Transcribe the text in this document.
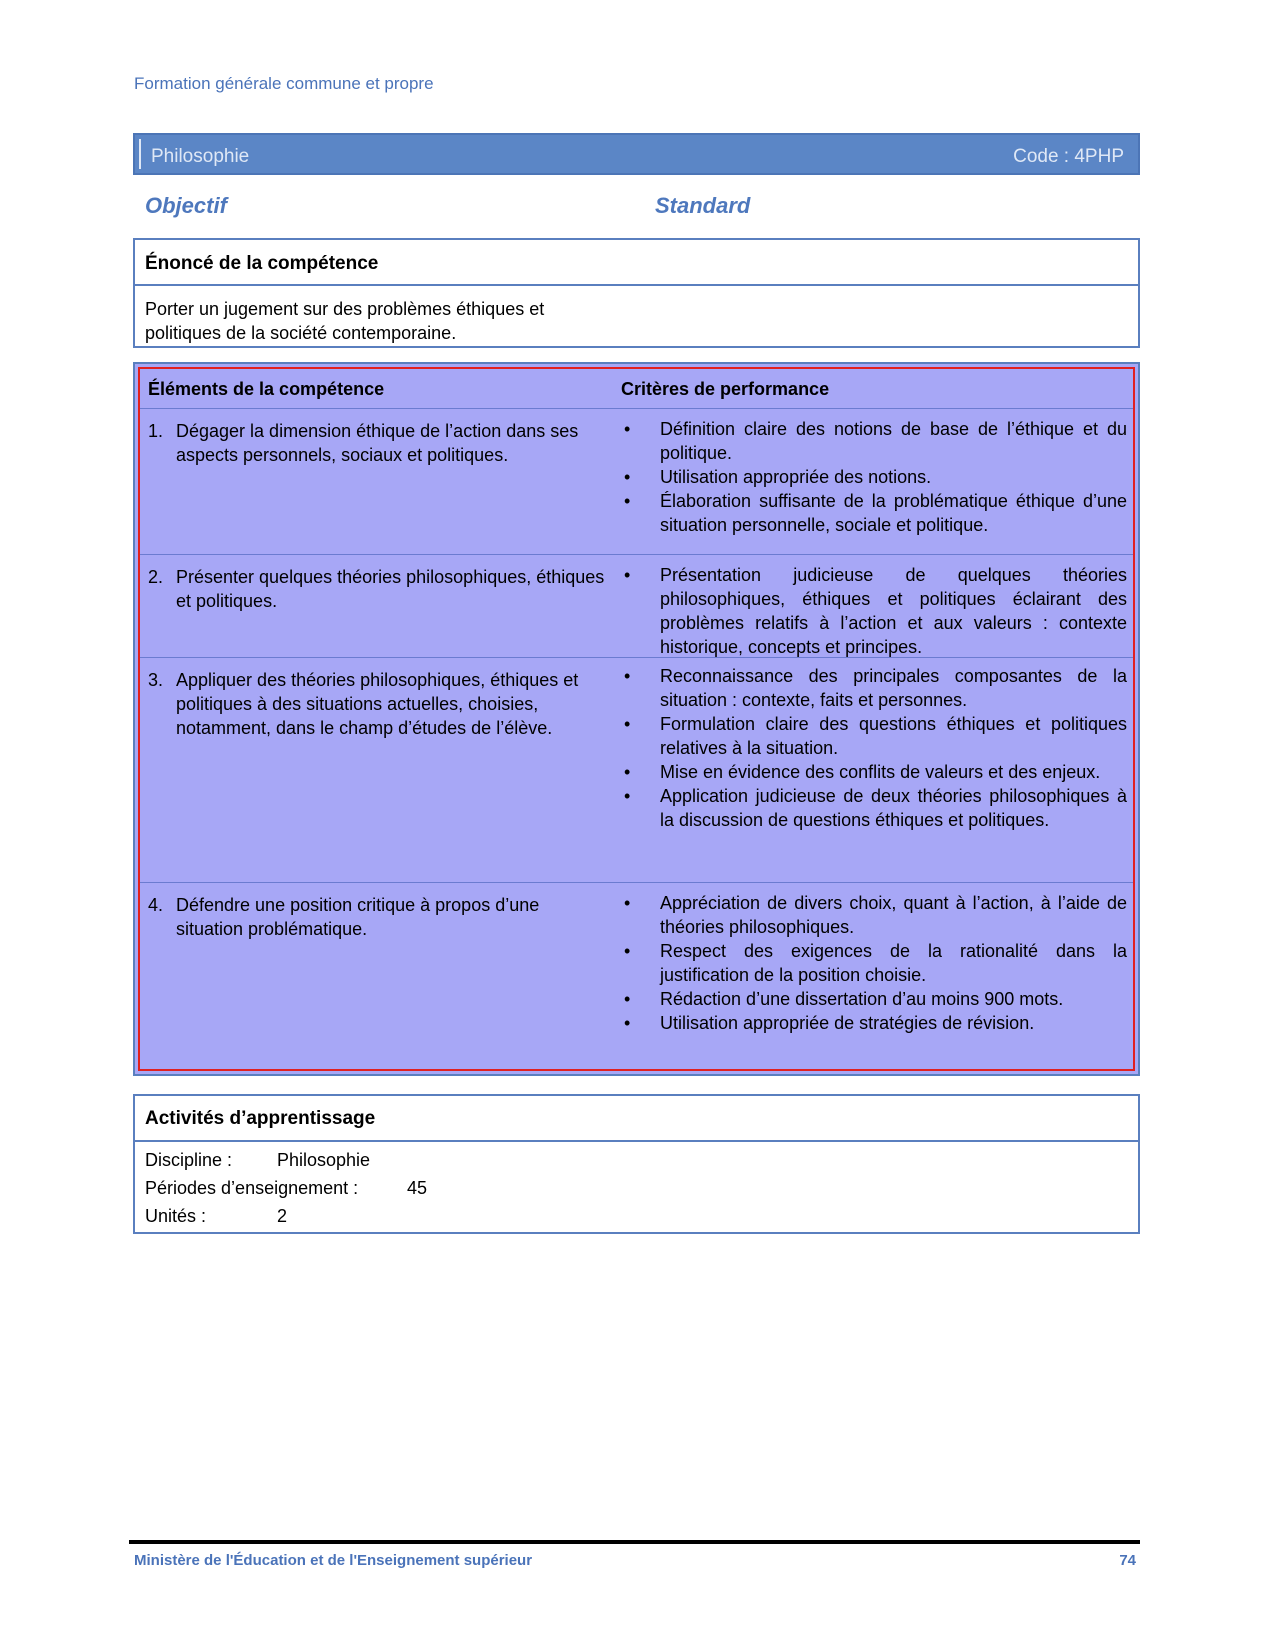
Formation générale commune et propre
Philosophie	Code : 4PHP
Objectif	Standard
Énoncé de la compétence
Porter un jugement sur des problèmes éthiques et politiques de la société contemporaine.
Éléments de la compétence	Critères de performance
1. Dégager la dimension éthique de l’action dans ses aspects personnels, sociaux et politiques.
•	Définition claire des notions de base de l’éthique et du politique.
•	Utilisation appropriée des notions.
•	Élaboration suffisante de la problématique éthique d’une situation personnelle, sociale et politique.
2. Présenter quelques théories philosophiques, éthiques et politiques.
•	Présentation judicieuse de quelques théories philosophiques, éthiques et politiques éclairant des problèmes relatifs à l’action et aux valeurs : contexte historique, concepts et principes.
3. Appliquer des théories philosophiques, éthiques et politiques à des situations actuelles, choisies, notamment, dans le champ d’études de l’élève.
•	Reconnaissance des principales composantes de la situation : contexte, faits et personnes.
•	Formulation claire des questions éthiques et politiques relatives à la situation.
•	Mise en évidence des conflits de valeurs et des enjeux.
•	Application judicieuse de deux théories philosophiques à la discussion de questions éthiques et politiques.
4. Défendre une position critique à propos d’une situation problématique.
•	Appréciation de divers choix, quant à l’action, à l’aide de théories philosophiques.
•	Respect des exigences de la rationalité dans la justification de la position choisie.
•	Rédaction d’une dissertation d’au moins 900 mots.
•	Utilisation appropriée de stratégies de révision.
Activités d’apprentissage
Discipline : Philosophie
Périodes d’enseignement :	45
Unités :	2
Ministère de l'Éducation et de l'Enseignement supérieur	74
